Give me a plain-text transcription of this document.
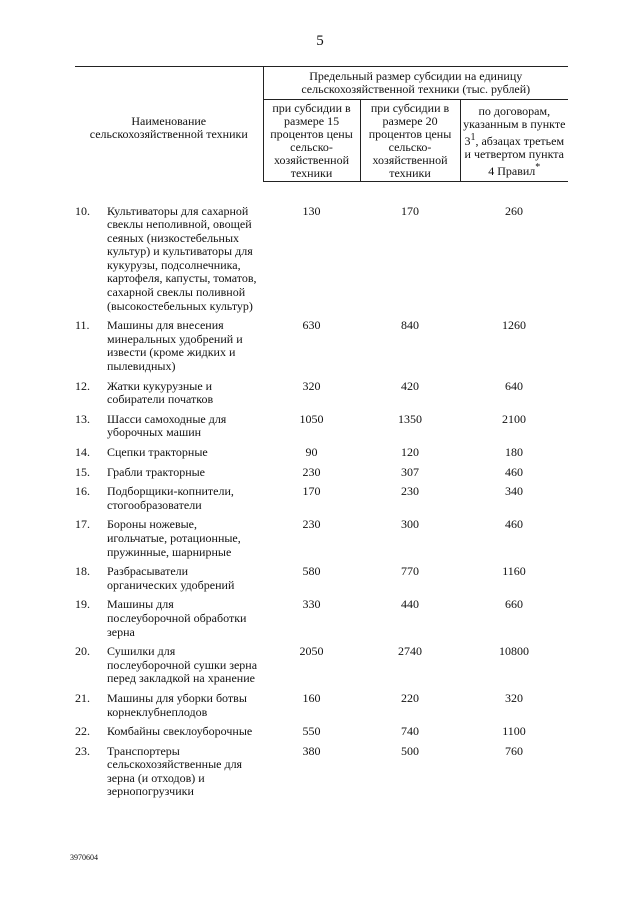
5
Наименование сельскохозяйственной техники		Предельный размер субсидии на единицу сельскохозяйственной техники (тыс. рублей)		
		при субсидии в размере 15 процентов цены сельско-хозяйственной техники	при субсидии в размере 20 процентов цены сельско-хозяйственной техники	по договорам, указанным в пункте $3^1$, абзацах третьем и четвертом пункта 4 Правил*
10.	Культиваторы для сахарной свеклы неполивной, овощей сеяных (низкостебельных культур) и культиваторы для кукурузы, подсолнечника, картофеля, капусты, томатов, сахарной свеклы поливной (высокостебельных культур)	130	170	260
11.	Машины для внесения минеральных удобрений и извести (кроме жидких и пылевидных)	630	840	1260
12.	Жатки кукурузные и собиратели початков	320	420	640
13.	Шасси самоходные для уборочных машин	1050	1350	2100
14.	Сцепки тракторные	90	120	180
15.	Грабли тракторные	230	307	460
16.	Подборщики-копнители, стогообразователи	170	230	340
17.	Бороны ножевые, игольчатые, ротационные, пружинные, шарнирные	230	300	460
18.	Разбрасыватели органических удобрений	580	770	1160
19.	Машины для послеуборочной обработки зерна	330	440	660
20.	Сушилки для послеуборочной сушки зерна перед закладкой на хранение	2050	2740	10800
21.	Машины для уборки ботвы корнеклубнеплодов	160	220	320
22.	Комбайны свеклоуборочные	550	740	1100
23.	Транспортеры сельскохозяйственные для зерна (и отходов) и зернопогрузчики	380	500	760
3970604
